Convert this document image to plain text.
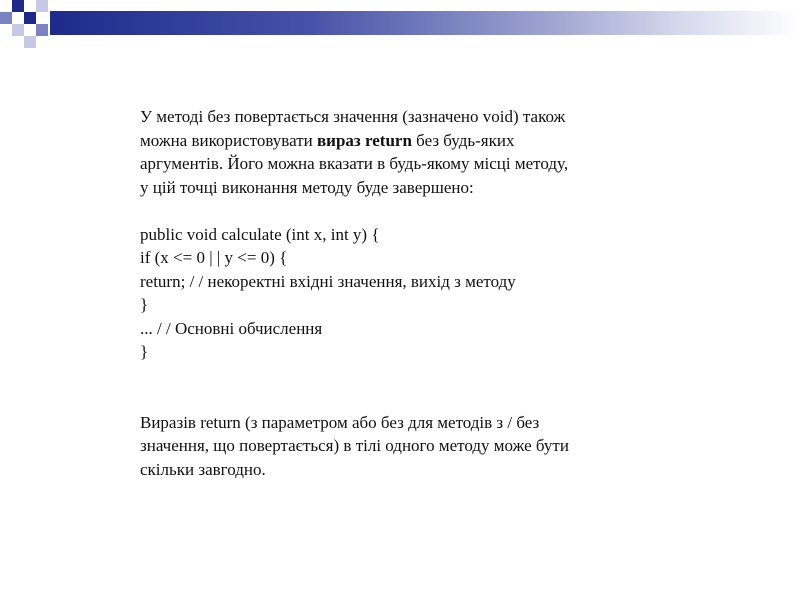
У методі без повертається значення (зазначено void) також
можна використовувати вираз return без будь-яких
аргументів. Його можна вказати в будь-якому місці методу,
у цій точці виконання методу буде завершено:
public void calculate (int x, int y) {
if (x <= 0 | | y <= 0) {
return; / / некоректні вхідні значення, вихід з методу
}
... / / Основні обчислення
}
Виразів return (з параметром або без для методів з / без
значення, що повертається) в тілі одного методу може бути
скільки завгодно.
